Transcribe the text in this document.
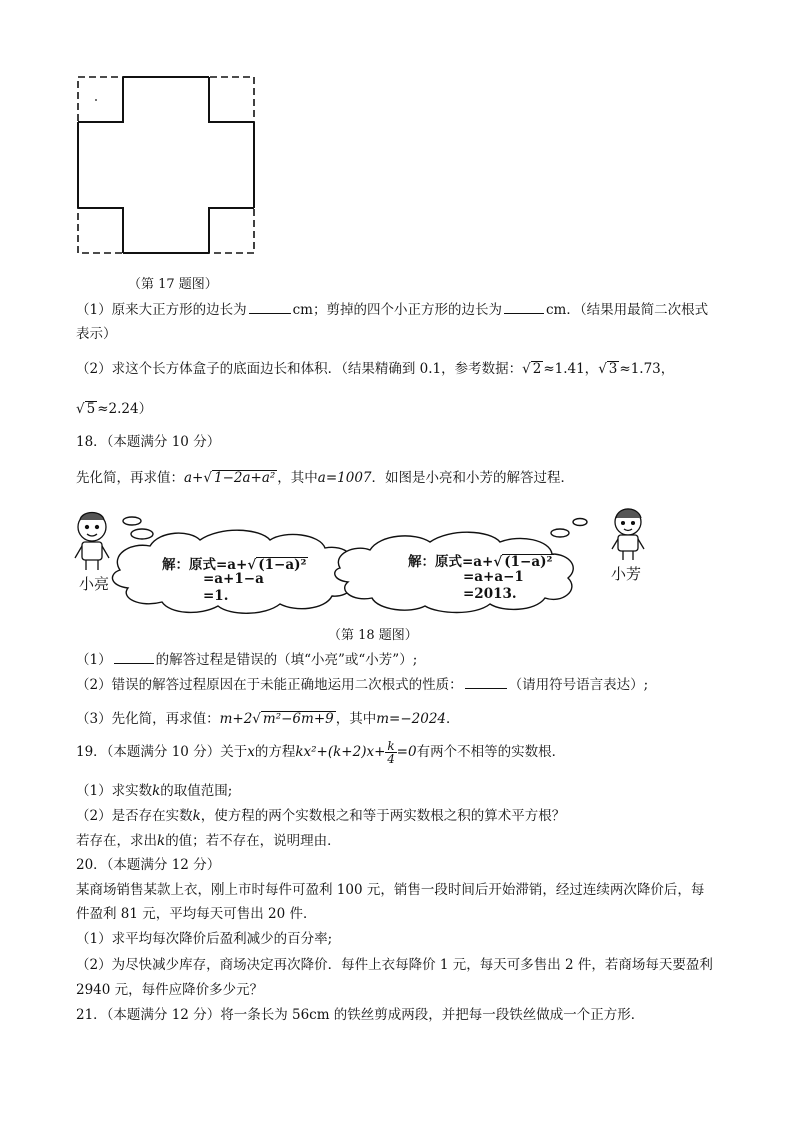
（第 17 题图）
（1）原来大正方形的边长为	cm；剪掉的四个小正方形的边长为	cm．（结果用最简二次根式
表示）
（2）求这个长方体盒子的底面边长和体积．（结果精确到 0.1，参考数据：√ 2 ≈1.41，√ 3 ≈1.73，
√ 5 ≈2.24）
18．（本题满分 10 分）
先化简，再求值：a+√ 1−2a+a² ，其中a=1007．如图是小亮和小芳的解答过程．
小亮
小芳
解：原式=a+√ (1−a)²
=a+1−a
=1.
解：原式=a+√ (1−a)²
=a+a−1
=2013.
（第 18 题图）
（1）	的解答过程是错误的（填“小亮”或“小芳”）;
（2）错误的解答过程原因在于未能正确地运用二次根式的性质：	（请用符号语言表达）;
（3）先化简，再求值：m+2√ m²−6m+9 ，其中m=−2024．
19．（本题满分 10 分）关于x的方程$kx^2+(k+2)x+ \frac{k}{4} =0$有两个不相等的实数根．
（1）求实数k的取值范围;
（2）是否存在实数k，使方程的两个实数根之和等于两实数根之积的算术平方根？
若存在，求出k的值；若不存在，说明理由．
20．（本题满分 12 分）
某商场销售某款上衣，刚上市时每件可盈利 100 元，销售一段时间后开始滞销，经过连续两次降价后，每
件盈利 81 元，平均每天可售出 20 件．
（1）求平均每次降价后盈利减少的百分率;
（2）为尽快减少库存，商场决定再次降价．每件上衣每降价 1 元，每天可多售出 2 件，若商场每天要盈利
2940 元，每件应降价多少元？
21．（本题满分 12 分）将一条长为 56cm 的铁丝剪成两段，并把每一段铁丝做成一个正方形．
